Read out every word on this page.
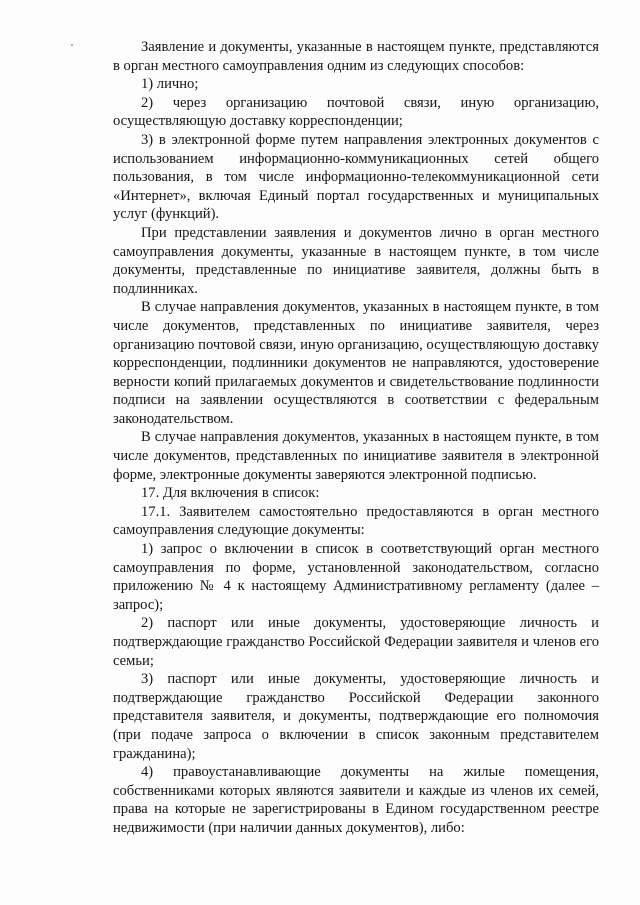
Заявление и документы, указанные в настоящем пункте, представляются в орган местного самоуправления одним из следующих способов:

1) лично;

2) через организацию почтовой связи, иную организацию, осуществляющую доставку корреспонденции;

3) в электронной форме путем направления электронных документов с использованием информационно-коммуникационных сетей общего пользования, в том числе информационно-телекоммуникационной сети «Интернет», включая Единый портал государственных и муниципальных услуг (функций).

При представлении заявления и документов лично в орган местного самоуправления документы, указанные в настоящем пункте, в том числе документы, представленные по инициативе заявителя, должны быть в подлинниках.

В случае направления документов, указанных в настоящем пункте, в том числе документов, представленных по инициативе заявителя, через организацию почтовой связи, иную организацию, осуществляющую доставку корреспонденции, подлинники документов не направляются, удостоверение верности копий прилагаемых документов и свидетельствование подлинности подписи на заявлении осуществляются в соответствии с федеральным законодательством.

В случае направления документов, указанных в настоящем пункте, в том числе документов, представленных по инициативе заявителя в электронной форме, электронные документы заверяются электронной подписью.

17. Для включения в список:

17.1. Заявителем самостоятельно предоставляются в орган местного самоуправления следующие документы:

1) запрос о включении в список в соответствующий орган местного самоуправления по форме, установленной законодательством, согласно приложению № 4 к настоящему Административному регламенту (далее – запрос);

2) паспорт или иные документы, удостоверяющие личность и подтверждающие гражданство Российской Федерации заявителя и членов его семьи;

3) паспорт или иные документы, удостоверяющие личность и подтверждающие гражданство Российской Федерации законного представителя заявителя, и документы, подтверждающие его полномочия (при подаче запроса о включении в список законным представителем гражданина);

4) правоустанавливающие документы на жилые помещения, собственниками которых являются заявители и каждые из членов их семей, права на которые не зарегистрированы в Едином государственном реестре недвижимости (при наличии данных документов), либо:
